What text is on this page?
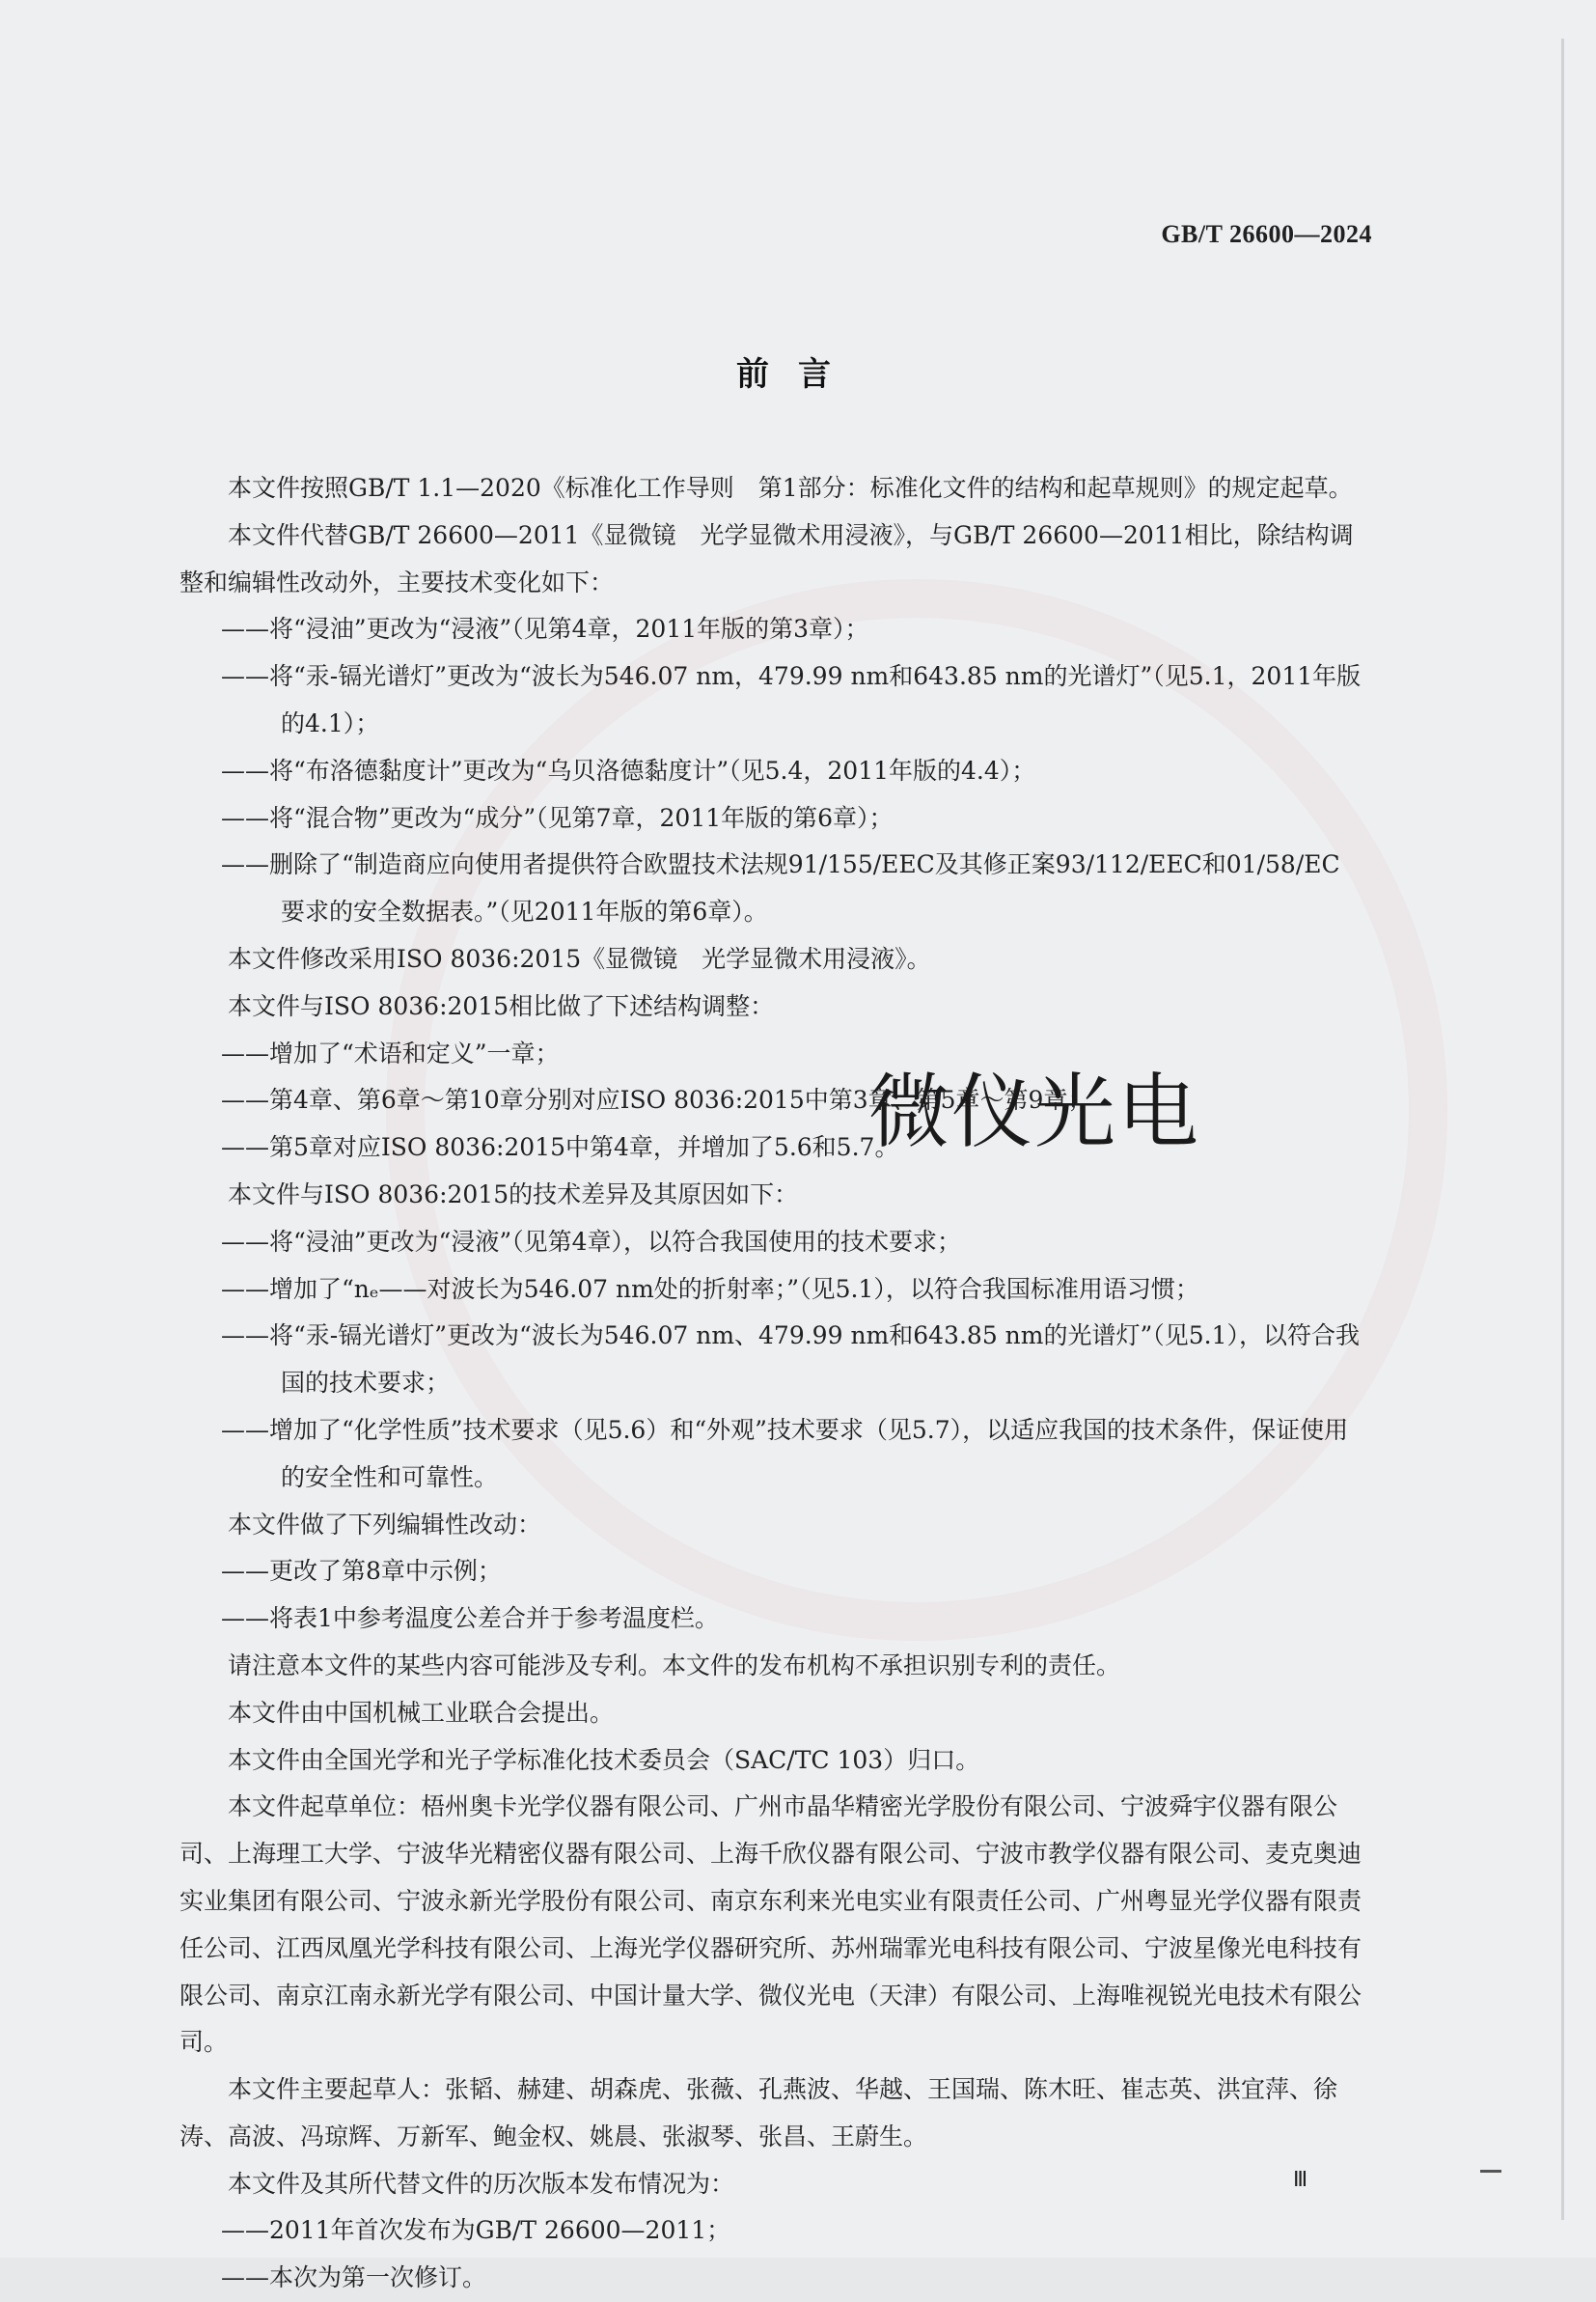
GB/T 26600—2024
前言

本文件按照GB/T 1.1—2020《标准化工作导则　第1部分：标准化文件的结构和起草规则》的规定起草。

本文件代替GB/T 26600—2011《显微镜　光学显微术用浸液》，与GB/T 26600—2011相比，除结构调整和编辑性改动外，主要技术变化如下：

——将“浸油”更改为“浸液”（见第4章，2011年版的第3章）；

——将“汞-镉光谱灯”更改为“波长为546.07 nm，479.99 nm和643.85 nm的光谱灯”（见5.1，2011年版的4.1）；

——将“布洛德黏度计”更改为“乌贝洛德黏度计”（见5.4，2011年版的4.4）；

——将“混合物”更改为“成分”（见第7章，2011年版的第6章）；

——删除了“制造商应向使用者提供符合欧盟技术法规91/155/EEC及其修正案93/112/EEC和01/58/EC要求的安全数据表。”（见2011年版的第6章）。

本文件修改采用ISO 8036:2015《显微镜　光学显微术用浸液》。

本文件与ISO 8036:2015相比做了下述结构调整：

——增加了“术语和定义”一章；

——第4章、第6章～第10章分别对应ISO 8036:2015中第3章、第5章～第9章；

——第5章对应ISO 8036:2015中第4章，并增加了5.6和5.7。

本文件与ISO 8036:2015的技术差异及其原因如下：

——将“浸油”更改为“浸液”（见第4章），以符合我国使用的技术要求；

——增加了“nₑ——对波长为546.07 nm处的折射率；”（见5.1），以符合我国标准用语习惯；

——将“汞-镉光谱灯”更改为“波长为546.07 nm、479.99 nm和643.85 nm的光谱灯”（见5.1），以符合我国的技术要求；

——增加了“化学性质”技术要求（见5.6）和“外观”技术要求（见5.7），以适应我国的技术条件，保证使用的安全性和可靠性。

本文件做了下列编辑性改动：

——更改了第8章中示例；

——将表1中参考温度公差合并于参考温度栏。

请注意本文件的某些内容可能涉及专利。本文件的发布机构不承担识别专利的责任。

本文件由中国机械工业联合会提出。

本文件由全国光学和光子学标准化技术委员会（SAC/TC 103）归口。

本文件起草单位：梧州奥卡光学仪器有限公司、广州市晶华精密光学股份有限公司、宁波舜宇仪器有限公司、上海理工大学、宁波华光精密仪器有限公司、上海千欣仪器有限公司、宁波市教学仪器有限公司、麦克奥迪实业集团有限公司、宁波永新光学股份有限公司、南京东利来光电实业有限责任公司、广州粤显光学仪器有限责任公司、江西凤凰光学科技有限公司、上海光学仪器研究所、苏州瑞霏光电科技有限公司、宁波星像光电科技有限公司、南京江南永新光学有限公司、中国计量大学、微仪光电（天津）有限公司、上海唯视锐光电技术有限公司。

本文件主要起草人：张韬、赫建、胡森虎、张薇、孔燕波、华越、王国瑞、陈木旺、崔志英、洪宜萍、徐涛、高波、冯琼辉、万新军、鲍金权、姚晨、张淑琴、张昌、王蔚生。

本文件及其所代替文件的历次版本发布情况为：

——2011年首次发布为GB/T 26600—2011；

——本次为第一次修订。

微仪光电
Ⅲ
